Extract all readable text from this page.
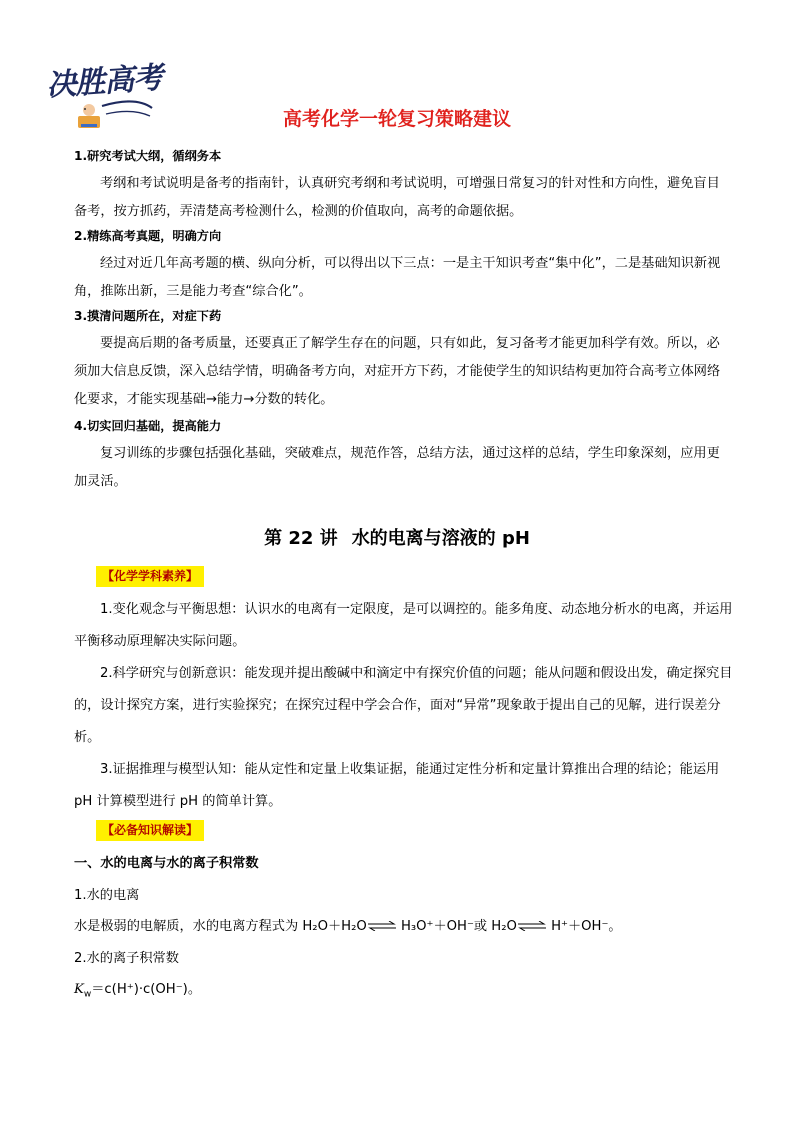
决胜高考
高考化学一轮复习策略建议
1.研究考试大纲，循纲务本
考纲和考试说明是备考的指南针，认真研究考纲和考试说明，可增强日常复习的针对性和方向性，避免盲目备考，按方抓药，弄清楚高考检测什么，检测的价值取向，高考的命题依据。
2.精练高考真题，明确方向
经过对近几年高考题的横、纵向分析，可以得出以下三点：一是主干知识考查“集中化”，二是基础知识新视角，推陈出新，三是能力考查“综合化”。
3.摸清问题所在，对症下药
要提高后期的备考质量，还要真正了解学生存在的问题，只有如此，复习备考才能更加科学有效。所以，必须加大信息反馈，深入总结学情，明确备考方向，对症开方下药，才能使学生的知识结构更加符合高考立体网络化要求，才能实现基础→能力→分数的转化。
4.切实回归基础，提高能力
复习训练的步骤包括强化基础，突破难点，规范作答，总结方法，通过这样的总结，学生印象深刻，应用更加灵活。
第 22 讲 水的电离与溶液的 pH
【化学学科素养】
1.变化观念与平衡思想：认识水的电离有一定限度，是可以调控的。能多角度、动态地分析水的电离，并运用平衡移动原理解决实际问题。
2.科学研究与创新意识：能发现并提出酸碱中和滴定中有探究价值的问题；能从问题和假设出发，确定探究目的，设计探究方案，进行实验探究；在探究过程中学会合作，面对“异常”现象敢于提出自己的见解，进行误差分析。
3.证据推理与模型认知：能从定性和定量上收集证据，能通过定性分析和定量计算推出合理的结论；能运用 pH 计算模型进行 pH 的简单计算。
【必备知识解读】
一、水的电离与水的离子积常数
1.水的电离
水是极弱的电解质，水的电离方程式为 H₂O＋H₂O⇌ H₃O⁺＋OH⁻或 H₂O⇌ H⁺＋OH⁻。
2.水的离子积常数
$K_w=c(H^+)\cdot c(OH^-)$。
